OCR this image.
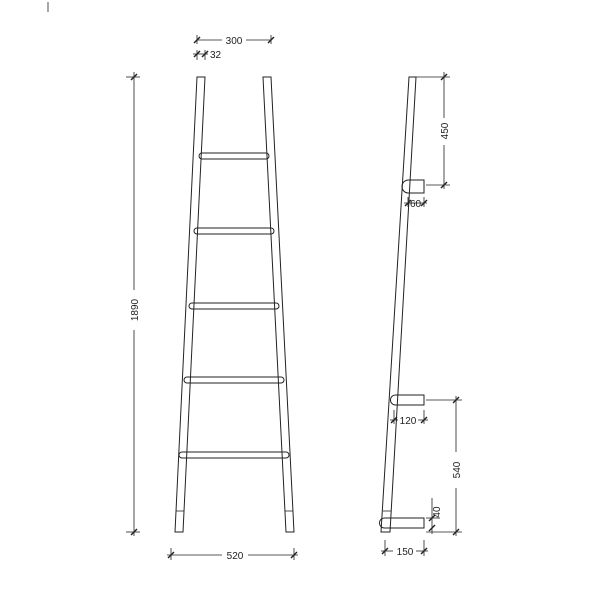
300
32
1890
520
450
60
120
540
40
150
